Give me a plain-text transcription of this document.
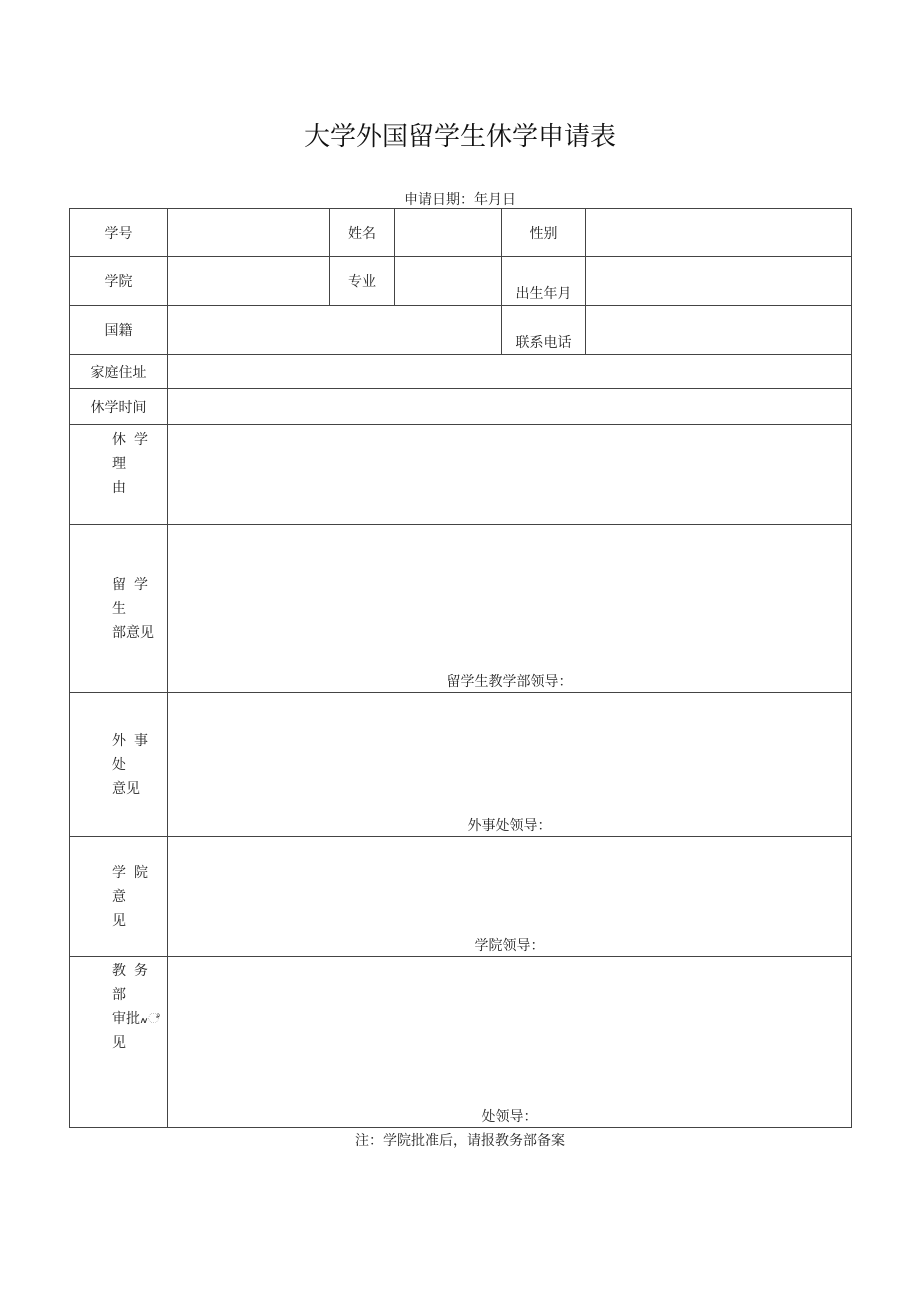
大学外国留学生休学申请表
申请日期：年月日
学号		姓名		性别	
学院		专业		出生年月	
国籍				联系电话	
家庭住址					
休学时间					

休学理
由					

留学生
部意见	留学生教学部领导：				

外事处
意见	外事处领导：				

学院意
见	学院领导：				

教务部
审批៷ೆ
见	处领导：				
注：学院批准后，请报教务部备案
